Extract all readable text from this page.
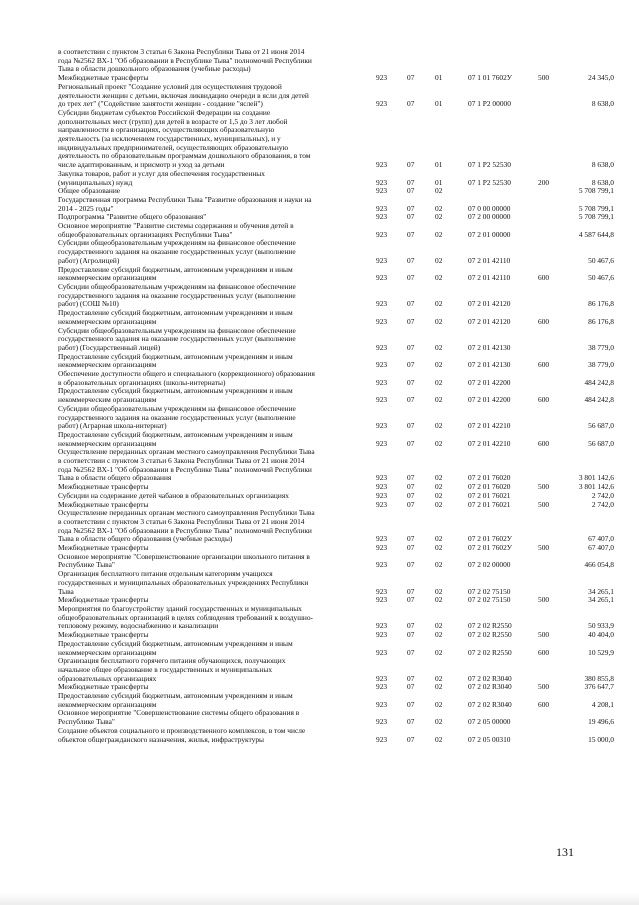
в соответствии с пунктом 3 статьи 6 Закона Республики Тыва от 21 июня 2014
года №2562 ВХ-1 "Об образовании в Республике Тыва" полномочий Республики
Тыва в области дошкольного образования (учебные расходы)
Межбюджетные трансферты	923	07	01	07 1 01 7602У	500	24 345,0
Региональный проект "Создание условий для осуществления трудовой
деятельности женщин с детьми, включая ликвидацию очереди в ясли для детей
до трех лет" ("Содействие занятости женщин - создание "яслей")	923	07	01	07 1 P2 00000	8 638,0
Субсидии бюджетам субъектов Российской Федерации на создание
дополнительных мест (групп) для детей в возрасте от 1,5 до 3 лет любой
направленности в организациях, осуществляющих образовательную
деятельность (за исключением государственных, муниципальных), и у
индивидуальных предпринимателей, осуществляющих образовательную
деятельность по образовательным программам дошкольного образования, в том
числе адаптированным, и присмотр и уход за детьми	923	07	01	07 1 P2 52530	8 638,0
Закупка товаров, работ и услуг для обеспечения государственных
(муниципальных) нужд	923	07	01	07 1 P2 52530	200	8 638,0
Общее образование	923	07	02	5 708 799,1
Государственная программа Республики Тыва "Развитие образования и науки на
2014 - 2025 годы"	923	07	02	07 0 00 00000	5 708 799,1
Подпрограмма "Развитие общего образования"	923	07	02	07 2 00 00000	5 708 799,1
Основное мероприятие "Развитие системы содержания и обучения детей в
общеобразовательных организациях Республики Тыва"	923	07	02	07 2 01 00000	4 587 644,8
Субсидии общеобразовательным учреждениям на финансовое обеспечение
государственного задания на оказание государственных услуг (выполнение
работ) (Агролицей)	923	07	02	07 2 01 42110	50 467,6
Предоставление субсидий бюджетным, автономным учреждениям и иным
некоммерческим организациям	923	07	02	07 2 01 42110	600	50 467,6
Субсидии общеобразовательным учреждениям на финансовое обеспечение
государственного задания на оказание государственных услуг (выполнение
работ) (СОШ №10)	923	07	02	07 2 01 42120	86 176,8
Предоставление субсидий бюджетным, автономным учреждениям и иным
некоммерческим организациям	923	07	02	07 2 01 42120	600	86 176,8
Субсидии общеобразовательным учреждениям на финансовое обеспечение
государственного задания на оказание государственных услуг (выполнение
работ) (Государственный лицей)	923	07	02	07 2 01 42130	38 779,0
Предоставление субсидий бюджетным, автономным учреждениям и иным
некоммерческим организациям	923	07	02	07 2 01 42130	600	38 779,0
Обеспечение доступности общего и специального (коррекционного) образования
в образовательных организациях (школы-интернаты)	923	07	02	07 2 01 42200	484 242,8
Предоставление субсидий бюджетным, автономным учреждениям и иным
некоммерческим организациям	923	07	02	07 2 01 42200	600	484 242,8
Субсидии общеобразовательным учреждениям на финансовое обеспечение
государственного задания на оказание государственных услуг (выполнение
работ) (Аграрная школа-интернат)	923	07	02	07 2 01 42210	56 687,0
Предоставление субсидий бюджетным, автономным учреждениям и иным
некоммерческим организациям	923	07	02	07 2 01 42210	600	56 687,0
Осуществление переданных органам местного самоуправления Республики Тыва
в соответствии с пунктом 3 статьи 6 Закона Республики Тыва от 21 июня 2014
года №2562 ВХ-1 "Об образовании в Республике Тыва" полномочий Республики
Тыва в области общего образования	923	07	02	07 2 01 76020	3 801 142,6
Межбюджетные трансферты	923	07	02	07 2 01 76020	500	3 801 142,6
Субсидии на содержание детей чабанов в образовательных организациях	923	07	02	07 2 01 76021	2 742,0
Межбюджетные трансферты	923	07	02	07 2 01 76021	500	2 742,0
Осуществление переданных органам местного самоуправления Республики Тыва
в соответствии с пунктом 3 статьи 6 Закона Республики Тыва от 21 июня 2014
года №2562 ВХ-1 "Об образовании в Республике Тыва" полномочий Республики
Тыва в области общего образования (учебные расходы)	923	07	02	07 2 01 7602У	67 407,0
Межбюджетные трансферты	923	07	02	07 2 01 7602У	500	67 407,0
Основное мероприятие "Совершенствование организации школьного питания в
Республике Тыва"	923	07	02	07 2 02 00000	466 054,8
Организация бесплатного питания отдельным категориям учащихся
государственных и муниципальных образовательных учреждениях Республики
Тыва	923	07	02	07 2 02 75150	34 265,1
Межбюджетные трансферты	923	07	02	07 2 02 75150	500	34 265,1
Мероприятия по благоустройству зданий государственных и муниципальных
общеобразовательных организаций в целях соблюдения требований к воздушно-
тепловому режиму, водоснабжению и канализации	923	07	02	07 2 02 R2550	50 933,9
Межбюджетные трансферты	923	07	02	07 2 02 R2550	500	40 404,0
Предоставление субсидий бюджетным, автономным учреждениям и иным
некоммерческим организациям	923	07	02	07 2 02 R2550	600	10 529,9
Организация бесплатного горячего питания обучающихся, получающих
начальное общее образование в государственных и муниципальных
образовательных организациях	923	07	02	07 2 02 R3040	380 855,8
Межбюджетные трансферты	923	07	02	07 2 02 R3040	500	376 647,7
Предоставление субсидий бюджетным, автономным учреждениям и иным
некоммерческим организациям	923	07	02	07 2 02 R3040	600	4 208,1
Основное мероприятие "Совершенствование системы общего образования в
Республике Тыва"	923	07	02	07 2 05 00000	19 496,6
Создание объектов социального и производственного комплексов, в том числе
объектов общегражданского назначения, жилья, инфраструктуры	923	07	02	07 2 05 00310	15 000,0
131
